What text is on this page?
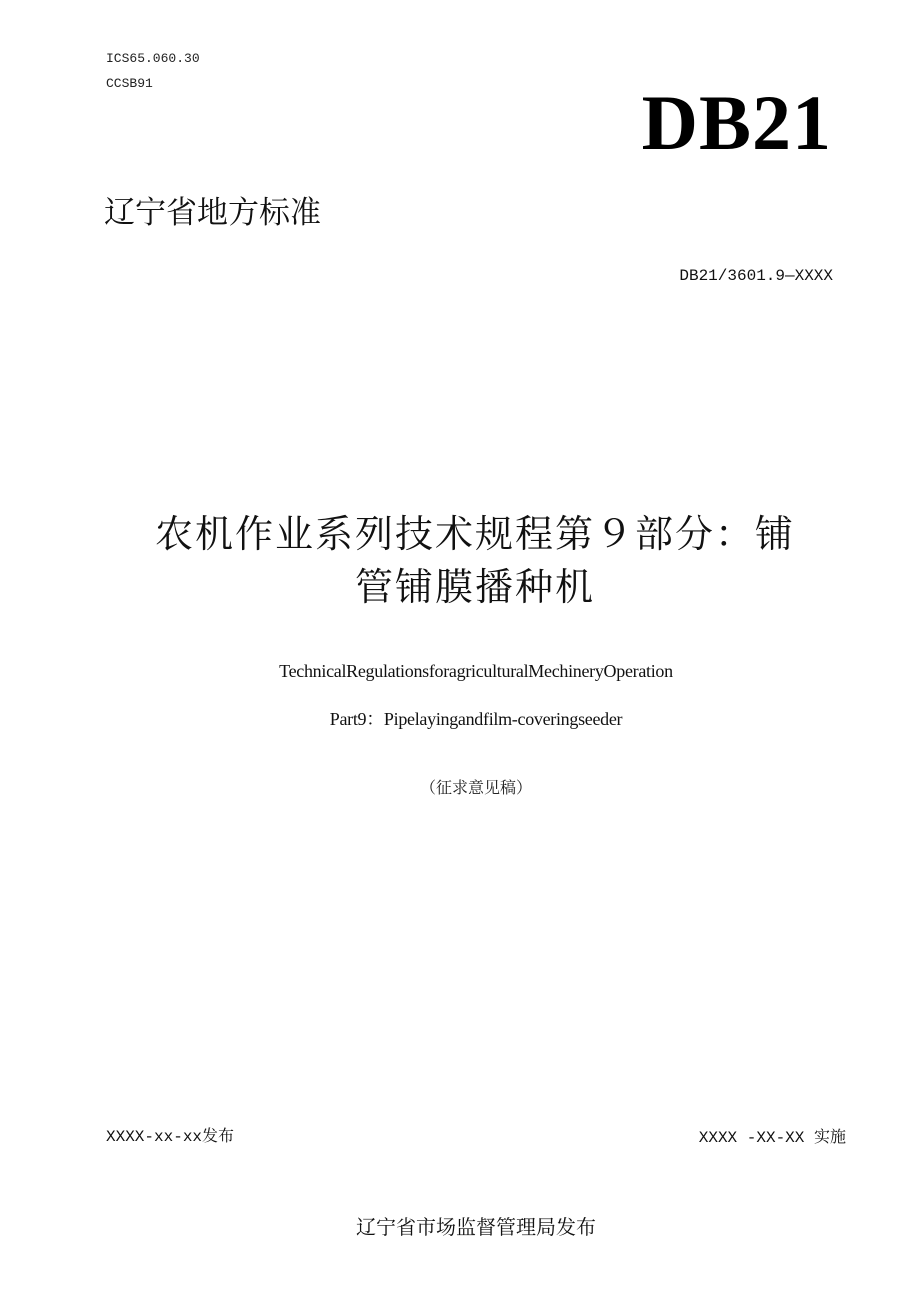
ICS65.060.30
CCSB91	DB21
辽宁省地方标准
DB21/3601.9—XXXX
农机作业系列技术规程第９部分：铺
管铺膜播种机
TechnicalRegulationsforagriculturalMechineryOperation
Part9：Pipelayingandfilm-coveringseeder
（征求意见稿）
XXXX-xx-xx发布	XXXX -XX-XX 实施
辽宁省市场监督管理局发布
